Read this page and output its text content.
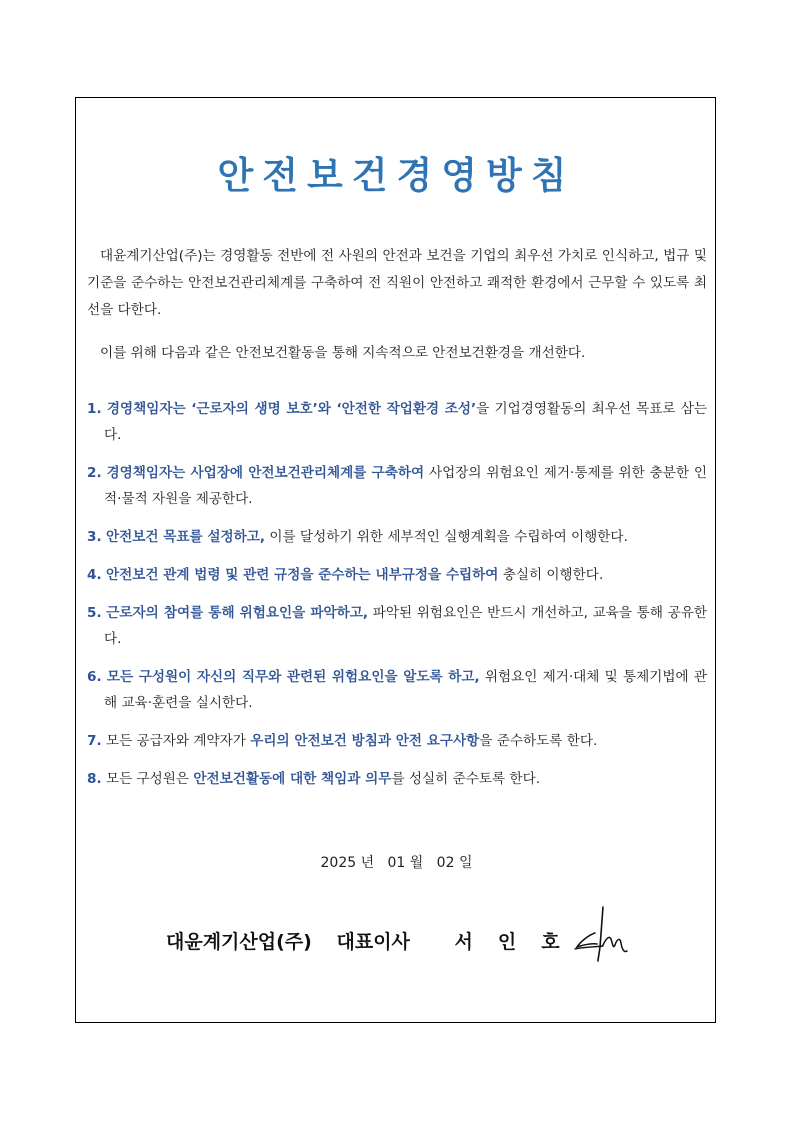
안전보건경영방침

대윤계기산업(주)는 경영활동 전반에 전 사원의 안전과 보건을 기업의 최우선 가치로 인식하고, 법규 및 기준을 준수하는 안전보건관리체계를 구축하여 전 직원이 안전하고 쾌적한 환경에서 근무할 수 있도록 최선을 다한다.

이를 위해 다음과 같은 안전보건활동을 통해 지속적으로 안전보건환경을 개선한다.

1. 경영책임자는 ‘근로자의 생명 보호’와 ‘안전한 작업환경 조성’을 기업경영활동의 최우선 목표로 삼는다.
2. 경영책임자는 사업장에 안전보건관리체계를 구축하여 사업장의 위험요인 제거·통제를 위한 충분한 인적·물적 자원을 제공한다.
3. 안전보건 목표를 설정하고, 이를 달성하기 위한 세부적인 실행계획을 수립하여 이행한다.
4. 안전보건 관계 법령 및 관련 규정을 준수하는 내부규정을 수립하여 충실히 이행한다.
5. 근로자의 참여를 통해 위험요인을 파악하고, 파악된 위험요인은 반드시 개선하고, 교육을 통해 공유한다.
6. 모든 구성원이 자신의 직무와 관련된 위험요인을 알도록 하고, 위험요인 제거·대체 및 통제기법에 관해 교육·훈련을 실시한다.
7. 모든 공급자와 계약자가 우리의 안전보건 방침과 안전 요구사항을 준수하도록 한다.
8. 모든 구성원은 안전보건활동에 대한 책임과 의무를 성실히 준수토록 한다.
2025 년 01 월 02 일
대윤계기산업(주) 대표이사 서인호
